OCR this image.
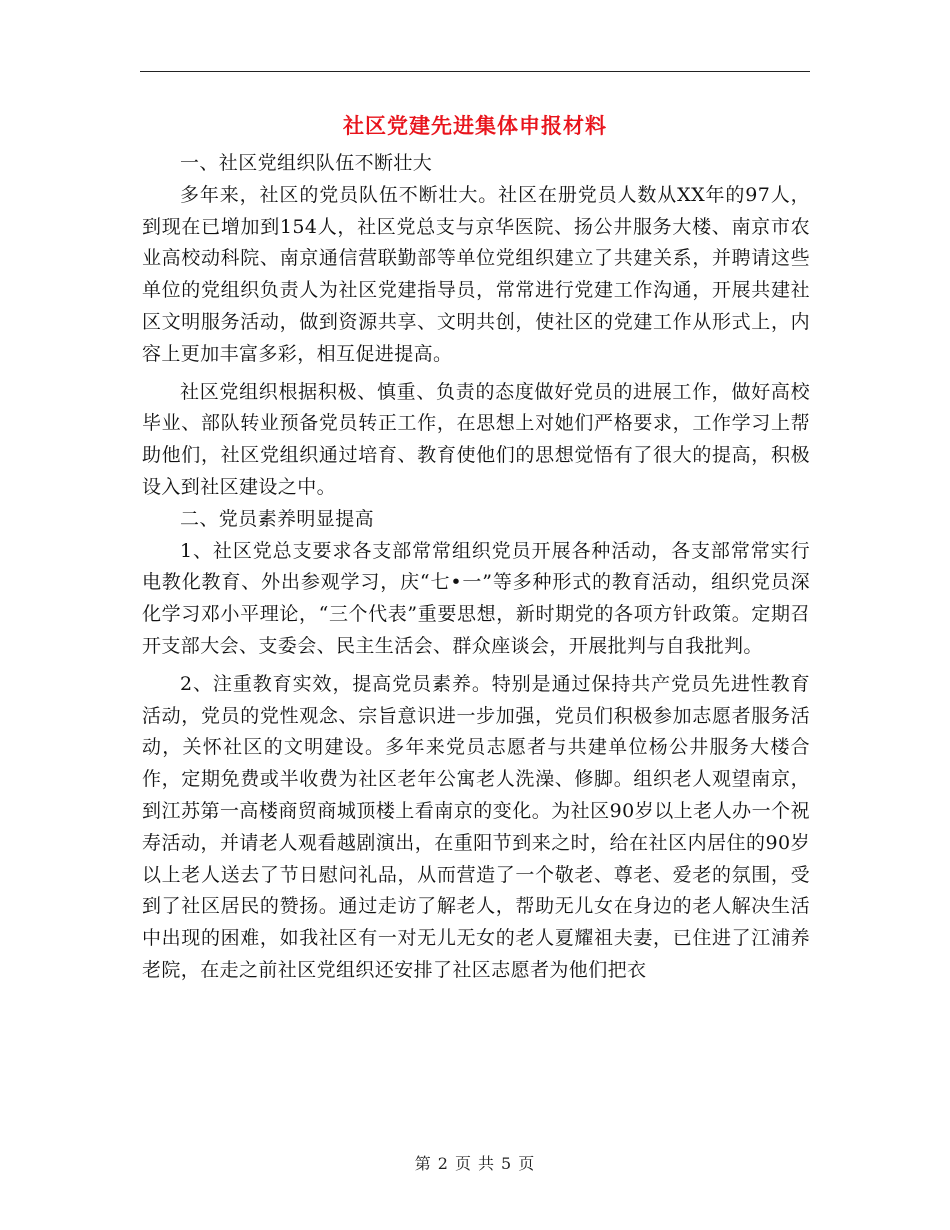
社区党建先进集体申报材料

一、社区党组织队伍不断壮大

多年来，社区的党员队伍不断壮大。社区在册党员人数从XX年的97人，到现在已增加到154人，社区党总支与京华医院、扬公井服务大楼、南京市农业高校动科院、南京通信营联勤部等单位党组织建立了共建关系，并聘请这些单位的党组织负责人为社区党建指导员，常常进行党建工作沟通，开展共建社区文明服务活动，做到资源共享、文明共创，使社区的党建工作从形式上，内容上更加丰富多彩，相互促进提高。

社区党组织根据积极、慎重、负责的态度做好党员的进展工作，做好高校毕业、部队转业预备党员转正工作，在思想上对她们严格要求，工作学习上帮助他们，社区党组织通过培育、教育使他们的思想觉悟有了很大的提高，积极设入到社区建设之中。

二、党员素养明显提高

1、社区党总支要求各支部常常组织党员开展各种活动，各支部常常实行电教化教育、外出参观学习，庆“七•一”等多种形式的教育活动，组织党员深化学习邓小平理论，“三个代表”重要思想，新时期党的各项方针政策。定期召开支部大会、支委会、民主生活会、群众座谈会，开展批判与自我批判。

2、注重教育实效，提高党员素养。特别是通过保持共产党员先进性教育活动，党员的党性观念、宗旨意识进一步加强，党员们积极参加志愿者服务活动，关怀社区的文明建设。多年来党员志愿者与共建单位杨公井服务大楼合作，定期免费或半收费为社区老年公寓老人洗澡、修脚。组织老人观望南京，到江苏第一高楼商贸商城顶楼上看南京的变化。为社区90岁以上老人办一个祝寿活动，并请老人观看越剧演出，在重阳节到来之时，给在社区内居住的90岁以上老人送去了节日慰问礼品，从而营造了一个敬老、尊老、爱老的氛围，受到了社区居民的赞扬。通过走访了解老人，帮助无儿女在身边的老人解决生活中出现的困难，如我社区有一对无儿无女的老人夏耀祖夫妻，已住进了江浦养老院，在走之前社区党组织还安排了社区志愿者为他们把衣

第 2 页 共 5 页
